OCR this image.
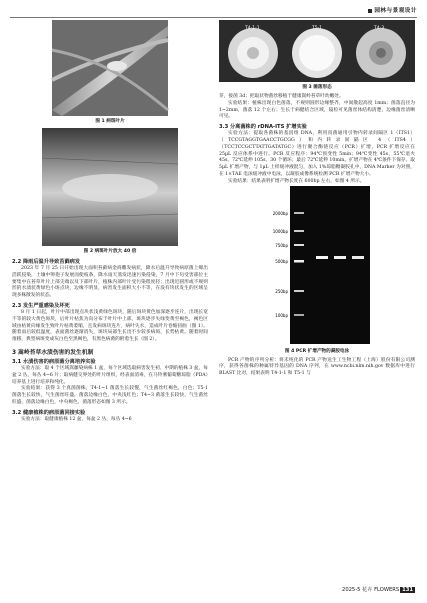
园林与景观设计
图 1 病斑叶片
图 2 病斑叶片放大 40 倍
2.2 降雨后温升导致苔藓病发

2023 年 7 月 25 日开始出现大面积苔藓病金商雕发病状，降水后温升导致病原菌上爆出活跃侵染，土壤中卵孢子发展而使枝条，降水雨天蒸发迅速污染侵染，7 月中下旬受害部位主要集中在苔草叶片上部尖端以及下部叶片，植株内部叶片受污染程度轻；出现近圆形或不规则形的水渍状黄绿色小斑点块，边缘不明显，病害发生面积大小不等，在没有块状发生的区域呈现多株散发的状态。

2.3 发生严重感染及坏死

8 月 1 日起，叶片中部出现点块状浅黄绿色斑块，随后斑块黄色加深逐步连片，出现长宽不等的较大黄色斑块，后叶片枯焦为向分布于叶片中上部，斑块逐步失绿变黄至褐色，褐色区域由枯黄向缘发生致叶片枯黄萎缩，且发病斑块连片，病叶失水，造成叶片卷缩扭曲（图 1）。随着雨后较低温度，表面菌丝逐渐消失，斑块局部生长出不少较多病斑，长势枯黄。随着时间推移，典型病斑变成灰白色至黑褐色，有黑色病菌的附着生长（图 2）。

3 嵩岭苔草水渍伤害的发生机制
3.1 水渍伤害的病原菌分离培养实验

实验方法：取 4 个区域嵩藤染病株 1 盆，每个区域选取病害发生初、中期的植株 3 盆，每盆 2 丛，每丛 4~6 片；取病健交界处的叶片组织，经表面消毒，在马铃薯葡萄糖琼脂（PDA）培养基上进行培养和纯化。

实验结果：获得 3 个真菌菌株，T4-1~1 菌落生长较慢，气生菌丝红褐色，白色；T5-1 菌落生长较快，气生菌丝旺盛，菌落边缘白色，中央浅红色；T4~3 菌落生长较快，气生菌丝旺盛，菌落边缘白色，中央褐色，菌落形态如图 3 所示。

3.2 健康植株的病原菌回接实验

实验方法：取健康植株 12 盆，每盆 2 丛，每丛 4~6

T4-1-1	T5-1	T4-3
图 3 菌落形态

芽，接菌 3d；把取状物菌丝移植于健康嵩岭苔草叶幼嫩处。

实验结果：植株出现白色菌落，不规则圆形边缘整齐，中间散起高度 1mm；菌落直径为 1~2mm，菌落 12 个左右；生长于病健结合区域，镜检可见菌丝体结构清楚，边缘菌丝清晰可见。

3.3 分离菌株的 rDNA-ITS 扩增实验

实验方法：提取各菌株的基因组 DNA，利用真菌通用引物内转录间隔区 1（ITS1）（TCCGTAGGTGAACCTGCGG）和内转录间隔区 4（ITS4）（TCCTCCGCTTATTGATATGC）进行聚合酶链反应（PCR）扩增，PCR 扩增反应在 25µL 反应体系中进行。PCR 反应程序：94℃预变性 5min；94℃变性 45s，55℃退火 45s，72℃延伸 105s，30 个循环；最后 72℃延伸 10min。扩增产物在 4℃条件下保存。取 5µL 扩增产物，与 1µL 上样缓冲液混匀，加入 1%琼脂糖凝胶孔中，DNA Marker 为对照，在 1×TAE 电泳缓冲液中电泳，以凝胶成像系统检测 PCR 扩增产物大小。

实验结果：结果表明扩增产物长度在 600bp 左右，如图 4 所示。

2000bp
1000bp
750bp
500bp
250bp
100bp
图 4 PCR 扩增产物的凝胶电泳

PCR 产物的序列分析：将未纯化的 PCR 产物送生工生物工程（上海）股份有限公司测序，获得各菌株的种属特异基因的 DNA 序列，在 www.ncbi.nlm.nih.gov 数据库中进行 BLAST 比对，结果表明 T4-1-1 和 T5-1 与

2025-5 花卉 FLOWERS 131
